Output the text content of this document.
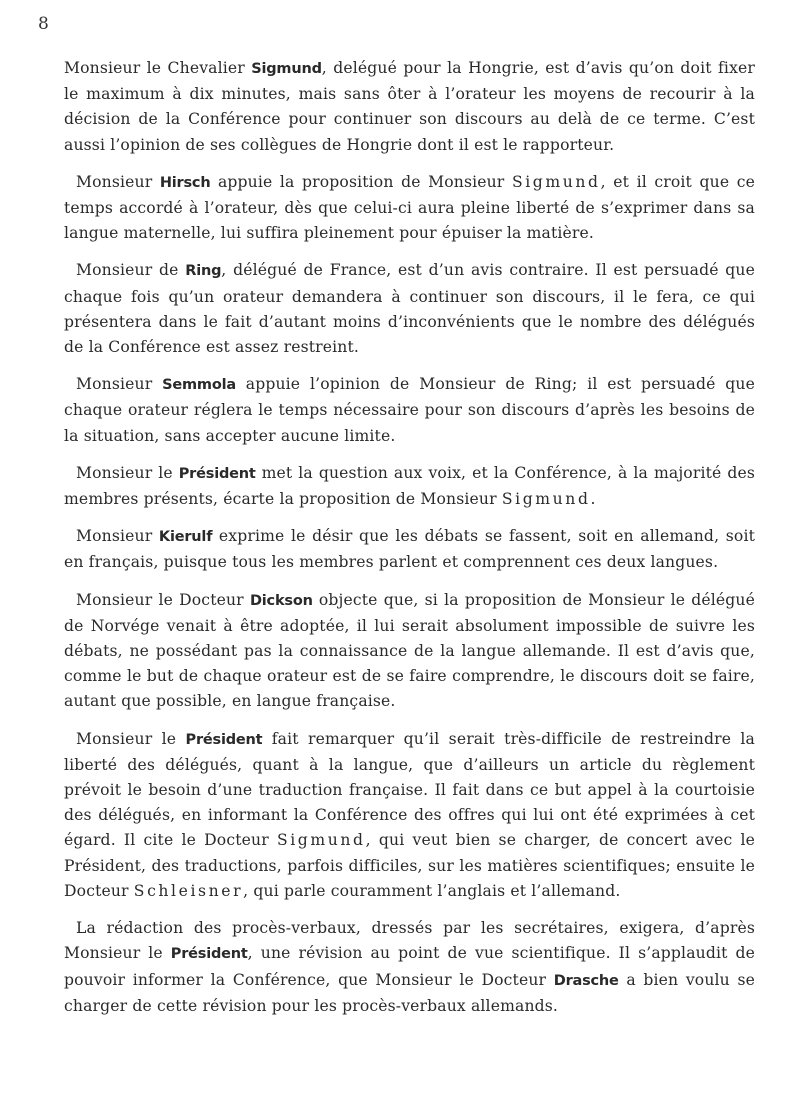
8

Monsieur le Chevalier Sigmund, delégué pour la Hongrie, est d’avis qu’on doit fixer le maximum à dix minutes, mais sans ôter à l’orateur les moyens de recourir à la décision de la Conférence pour continuer son discours au delà de ce terme. C’est aussi l’opinion de ses collègues de Hongrie dont il est le rapporteur.

Monsieur Hirsch appuie la proposition de Monsieur Sigmund, et il croit que ce temps accordé à l’orateur, dès que celui-ci aura pleine liberté de s’exprimer dans sa langue maternelle, lui suffira pleinement pour épuiser la matière.

Monsieur de Ring, délégué de France, est d’un avis contraire. Il est persuadé que chaque fois qu’un orateur demandera à continuer son discours, il le fera, ce qui présentera dans le fait d’autant moins d’inconvénients que le nombre des délégués de la Conférence est assez restreint.

Monsieur Semmola appuie l’opinion de Monsieur de Ring; il est persuadé que chaque orateur réglera le temps nécessaire pour son discours d’après les besoins de la situation, sans accepter aucune limite.

Monsieur le Président met la question aux voix, et la Conférence, à la majorité des membres présents, écarte la proposition de Monsieur Sigmund.

Monsieur Kierulf exprime le désir que les débats se fassent, soit en allemand, soit en français, puisque tous les membres parlent et comprennent ces deux langues.

Monsieur le Docteur Dickson objecte que, si la proposition de Monsieur le délégué de Norvége venait à être adoptée, il lui serait absolument impossible de suivre les débats, ne possédant pas la connaissance de la langue allemande. Il est d’avis que, comme le but de chaque orateur est de se faire comprendre, le discours doit se faire, autant que possible, en langue française.

Monsieur le Président fait remarquer qu’il serait très-difficile de restreindre la liberté des délégués, quant à la langue, que d’ailleurs un article du règlement prévoit le besoin d’une traduction française. Il fait dans ce but appel à la courtoisie des délégués, en informant la Conférence des offres qui lui ont été exprimées à cet égard. Il cite le Docteur Sigmund, qui veut bien se charger, de concert avec le Président, des traductions, parfois difficiles, sur les matières scientifiques; ensuite le Docteur Schleisner, qui parle couramment l’anglais et l’allemand.

La rédaction des procès-verbaux, dressés par les secrétaires, exigera, d’après Monsieur le Président, une révision au point de vue scientifique. Il s’applaudit de pouvoir informer la Conférence, que Monsieur le Docteur Drasche a bien voulu se charger de cette révision pour les procès-verbaux allemands.
